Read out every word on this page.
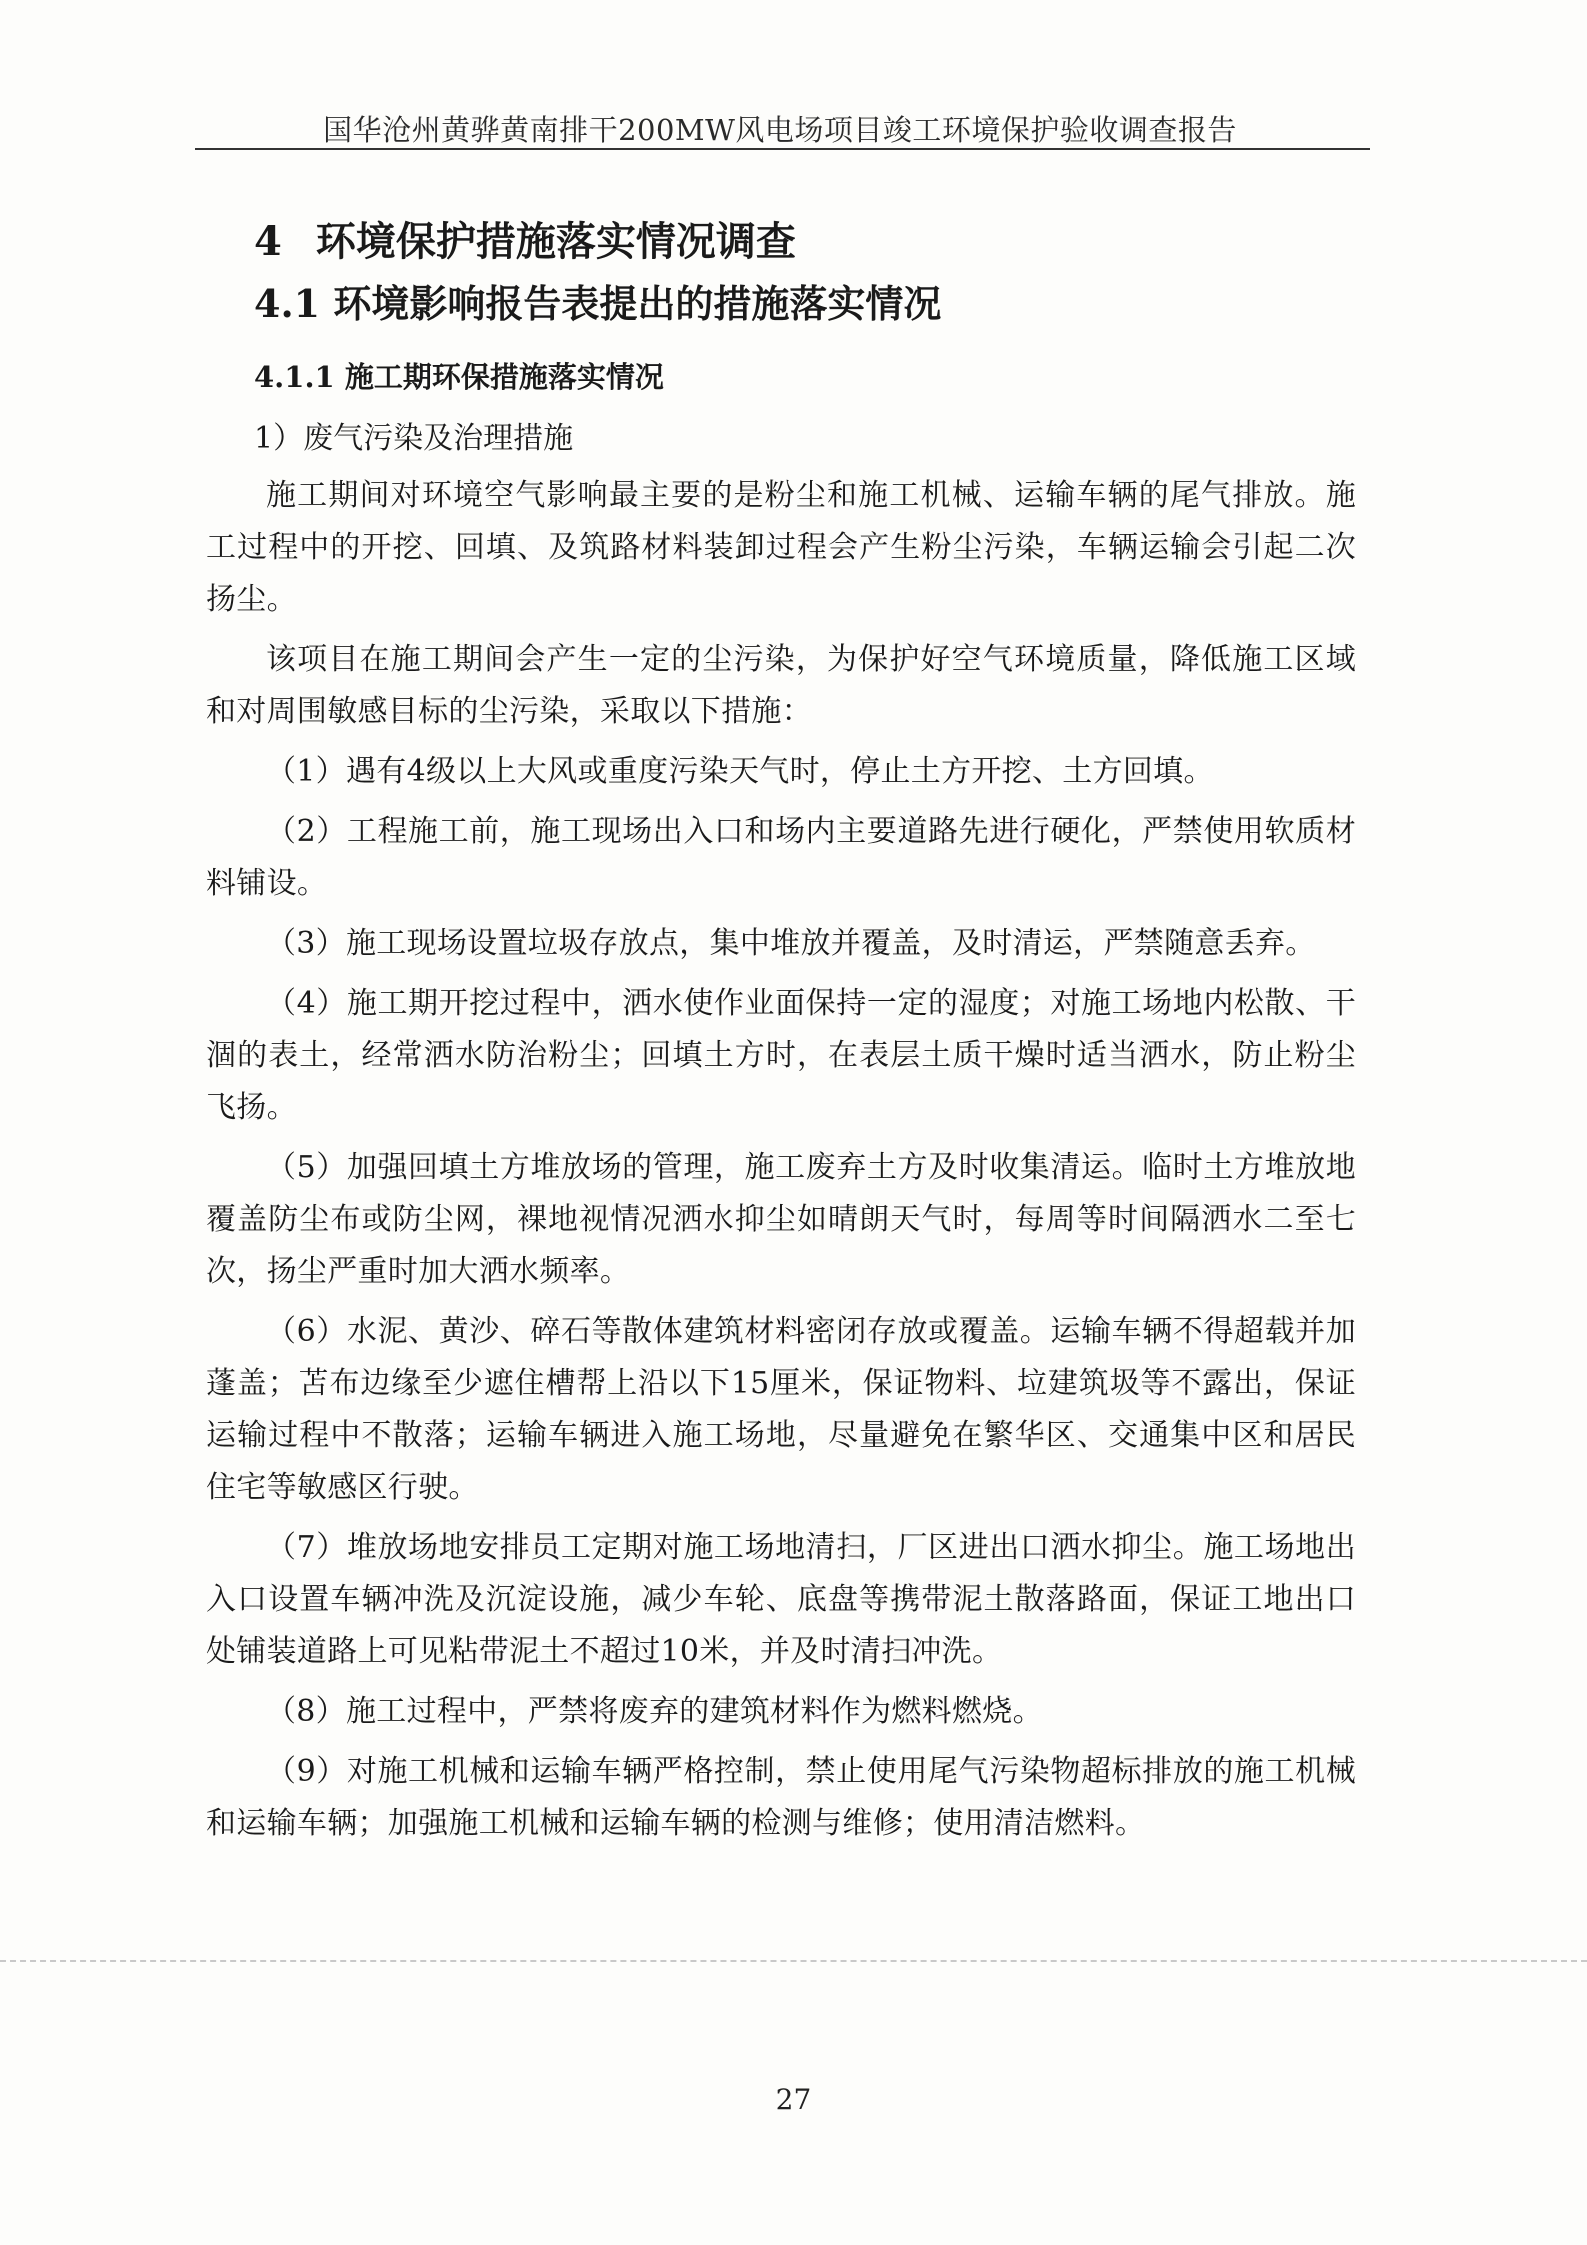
国华沧州黄骅黄南排干200MW风电场项目竣工环境保护验收调查报告
4 环境保护措施落实情况调查
4.1 环境影响报告表提出的措施落实情况
4.1.1 施工期环保措施落实情况
1）废气污染及治理措施

施工期间对环境空气影响最主要的是粉尘和施工机械、运输车辆的尾气排放。施工过程中的开挖、回填、及筑路材料装卸过程会产生粉尘污染，车辆运输会引起二次扬尘。

该项目在施工期间会产生一定的尘污染，为保护好空气环境质量，降低施工区域和对周围敏感目标的尘污染，采取以下措施：

（1）遇有4级以上大风或重度污染天气时，停止土方开挖、土方回填。

（2）工程施工前，施工现场出入口和场内主要道路先进行硬化，严禁使用软质材料铺设。

（3）施工现场设置垃圾存放点，集中堆放并覆盖，及时清运，严禁随意丢弃。

（4）施工期开挖过程中，洒水使作业面保持一定的湿度；对施工场地内松散、干涸的表土，经常洒水防治粉尘；回填土方时，在表层土质干燥时适当洒水，防止粉尘飞扬。

（5）加强回填土方堆放场的管理，施工废弃土方及时收集清运。临时土方堆放地覆盖防尘布或防尘网，裸地视情况洒水抑尘如晴朗天气时，每周等时间隔洒水二至七次，扬尘严重时加大洒水频率。

（6）水泥、黄沙、碎石等散体建筑材料密闭存放或覆盖。运输车辆不得超载并加蓬盖；苫布边缘至少遮住槽帮上沿以下15厘米，保证物料、垃建筑圾等不露出，保证运输过程中不散落；运输车辆进入施工场地，尽量避免在繁华区、交通集中区和居民住宅等敏感区行驶。

（7）堆放场地安排员工定期对施工场地清扫，厂区进出口洒水抑尘。施工场地出入口设置车辆冲洗及沉淀设施，减少车轮、底盘等携带泥土散落路面，保证工地出口处铺装道路上可见粘带泥土不超过10米，并及时清扫冲洗。

（8）施工过程中，严禁将废弃的建筑材料作为燃料燃烧。

（9）对施工机械和运输车辆严格控制，禁止使用尾气污染物超标排放的施工机械和运输车辆；加强施工机械和运输车辆的检测与维修；使用清洁燃料。

27
